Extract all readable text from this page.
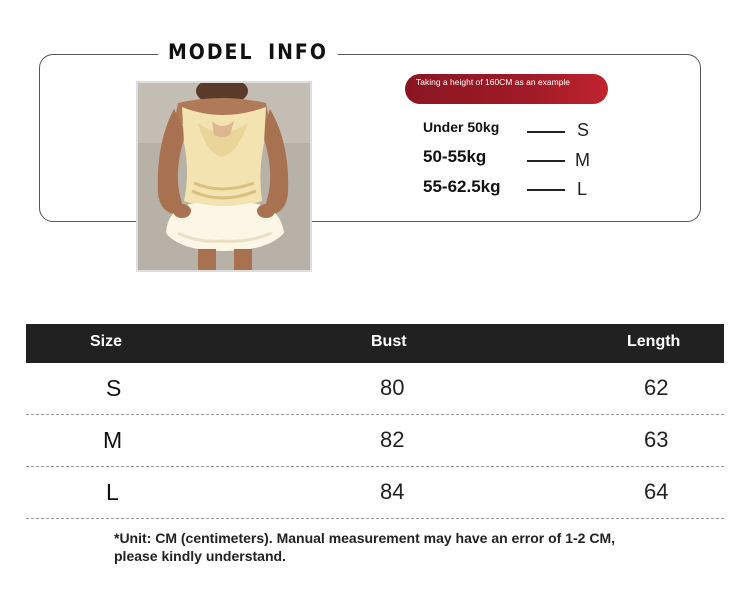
MODEL INFO
Taking a height of 160CM as an example
Under 50kg	S
50-55kg	M
55-62.5kg	L
Size	Bust	Length
S	80	62
M	82	63
L	84	64
*Unit: CM (centimeters). Manual measurement may have an error of 1-2 CM,
please kindly understand.
